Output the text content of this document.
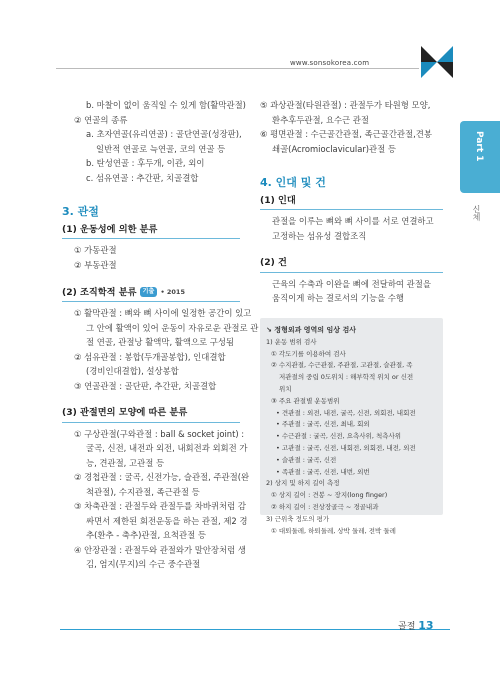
www.sonsokorea.com
Part 1
신체
b. 마찰이 없이 움직일 수 있게 함(활막관절)
② 연골의 종류
a. 초자연골(유리연골) : 골단연골(성장판),
일반적 연골로 늑연골, 코의 연골 등
b. 탄성연골 : 후두개, 이관, 외이
c. 섬유연골 : 추간판, 치골결합
3. 관절
(1) 운동성에 의한 분류
① 가동관절
② 부동관절
(2) 조직학적 분류 기출 • 2015
① 활막관절 : 뼈와 뼈 사이에 일정한 공간이 있고
그 안에 활액이 있어 운동이 자유로운 관절로 관
절 연골, 관절낭 활액막, 활액으로 구성됨
② 섬유관절 : 봉합(두개골봉합), 인대결합
(경비인대결합), 설상봉합
③ 연골관절 : 골단판, 추간판, 치골결합
(3) 관절면의 모양에 따른 분류
① 구상관절(구와관절 : ball & socket joint) :
굴곡, 신전, 내전과 외전, 내회전과 외회전 가
능, 견관절, 고관절 등
② 경첩관절 : 굴곡, 신전가능, 슬관절, 주관절(완
척관절), 수지관절, 족근관절 등
③ 차축관절 : 관절두와 관절두를 차바퀴처럼 감
싸면서 제한된 회전운동을 하는 관절, 제2 경
추(환추 - 축추)관절, 요척관절 등
④ 안장관절 : 관절두와 관절와가 말안장처럼 생
김, 엄지(무지)의 수근 중수관절
⑤ 과상관절(타원관절) : 관절두가 타원형 모양,
환추후두관절, 요수근 관절
⑥ 평면관절 : 수근골간관절, 족근골간관절,견봉
쇄골(Acromioclavicular)관절 등
4. 인대 및 건
(1) 인대
관절을 이루는 뼈와 뼈 사이를 서로 연결하고
고정하는 섬유성 결합조직
(2) 건
근육의 수축과 이완을 뼈에 전달하여 관절을
움직이게 하는 결로서의 기능을 수행
↘ 정형외과 영역의 임상 검사
1) 운동 범위 검사
① 각도기를 이용하여 검사
② 수지관절, 수근관절, 주관절, 고관절, 슬관절, 족
저관절의 중립 0도위치 : 해부학적 위치 or 신전
위치
③ 주요 관절별 운동범위
• 견관절 : 외전, 내전, 굴곡, 신전, 외회전, 내회전
• 주관절 : 굴곡, 신전, 최내, 회외
• 수근관절 : 굴곡, 신전, 요측사위, 척측사위
• 고관절 : 굴곡, 신전, 내회전, 외회전, 내전, 외전
• 슬관절 : 굴곡, 신전
• 족관절 : 굴곡, 신전, 내번, 외번
2) 상지 및 하지 길이 측정
① 상지 길이 : 견봉 ~ 장지(long finger)
② 하지 길이 : 전상장골극 ~ 경골내과
3) 근위축 정도의 평가
① 대퇴둘레, 하퇴둘레, 상박 둘레, 전박 둘레
골절 13
